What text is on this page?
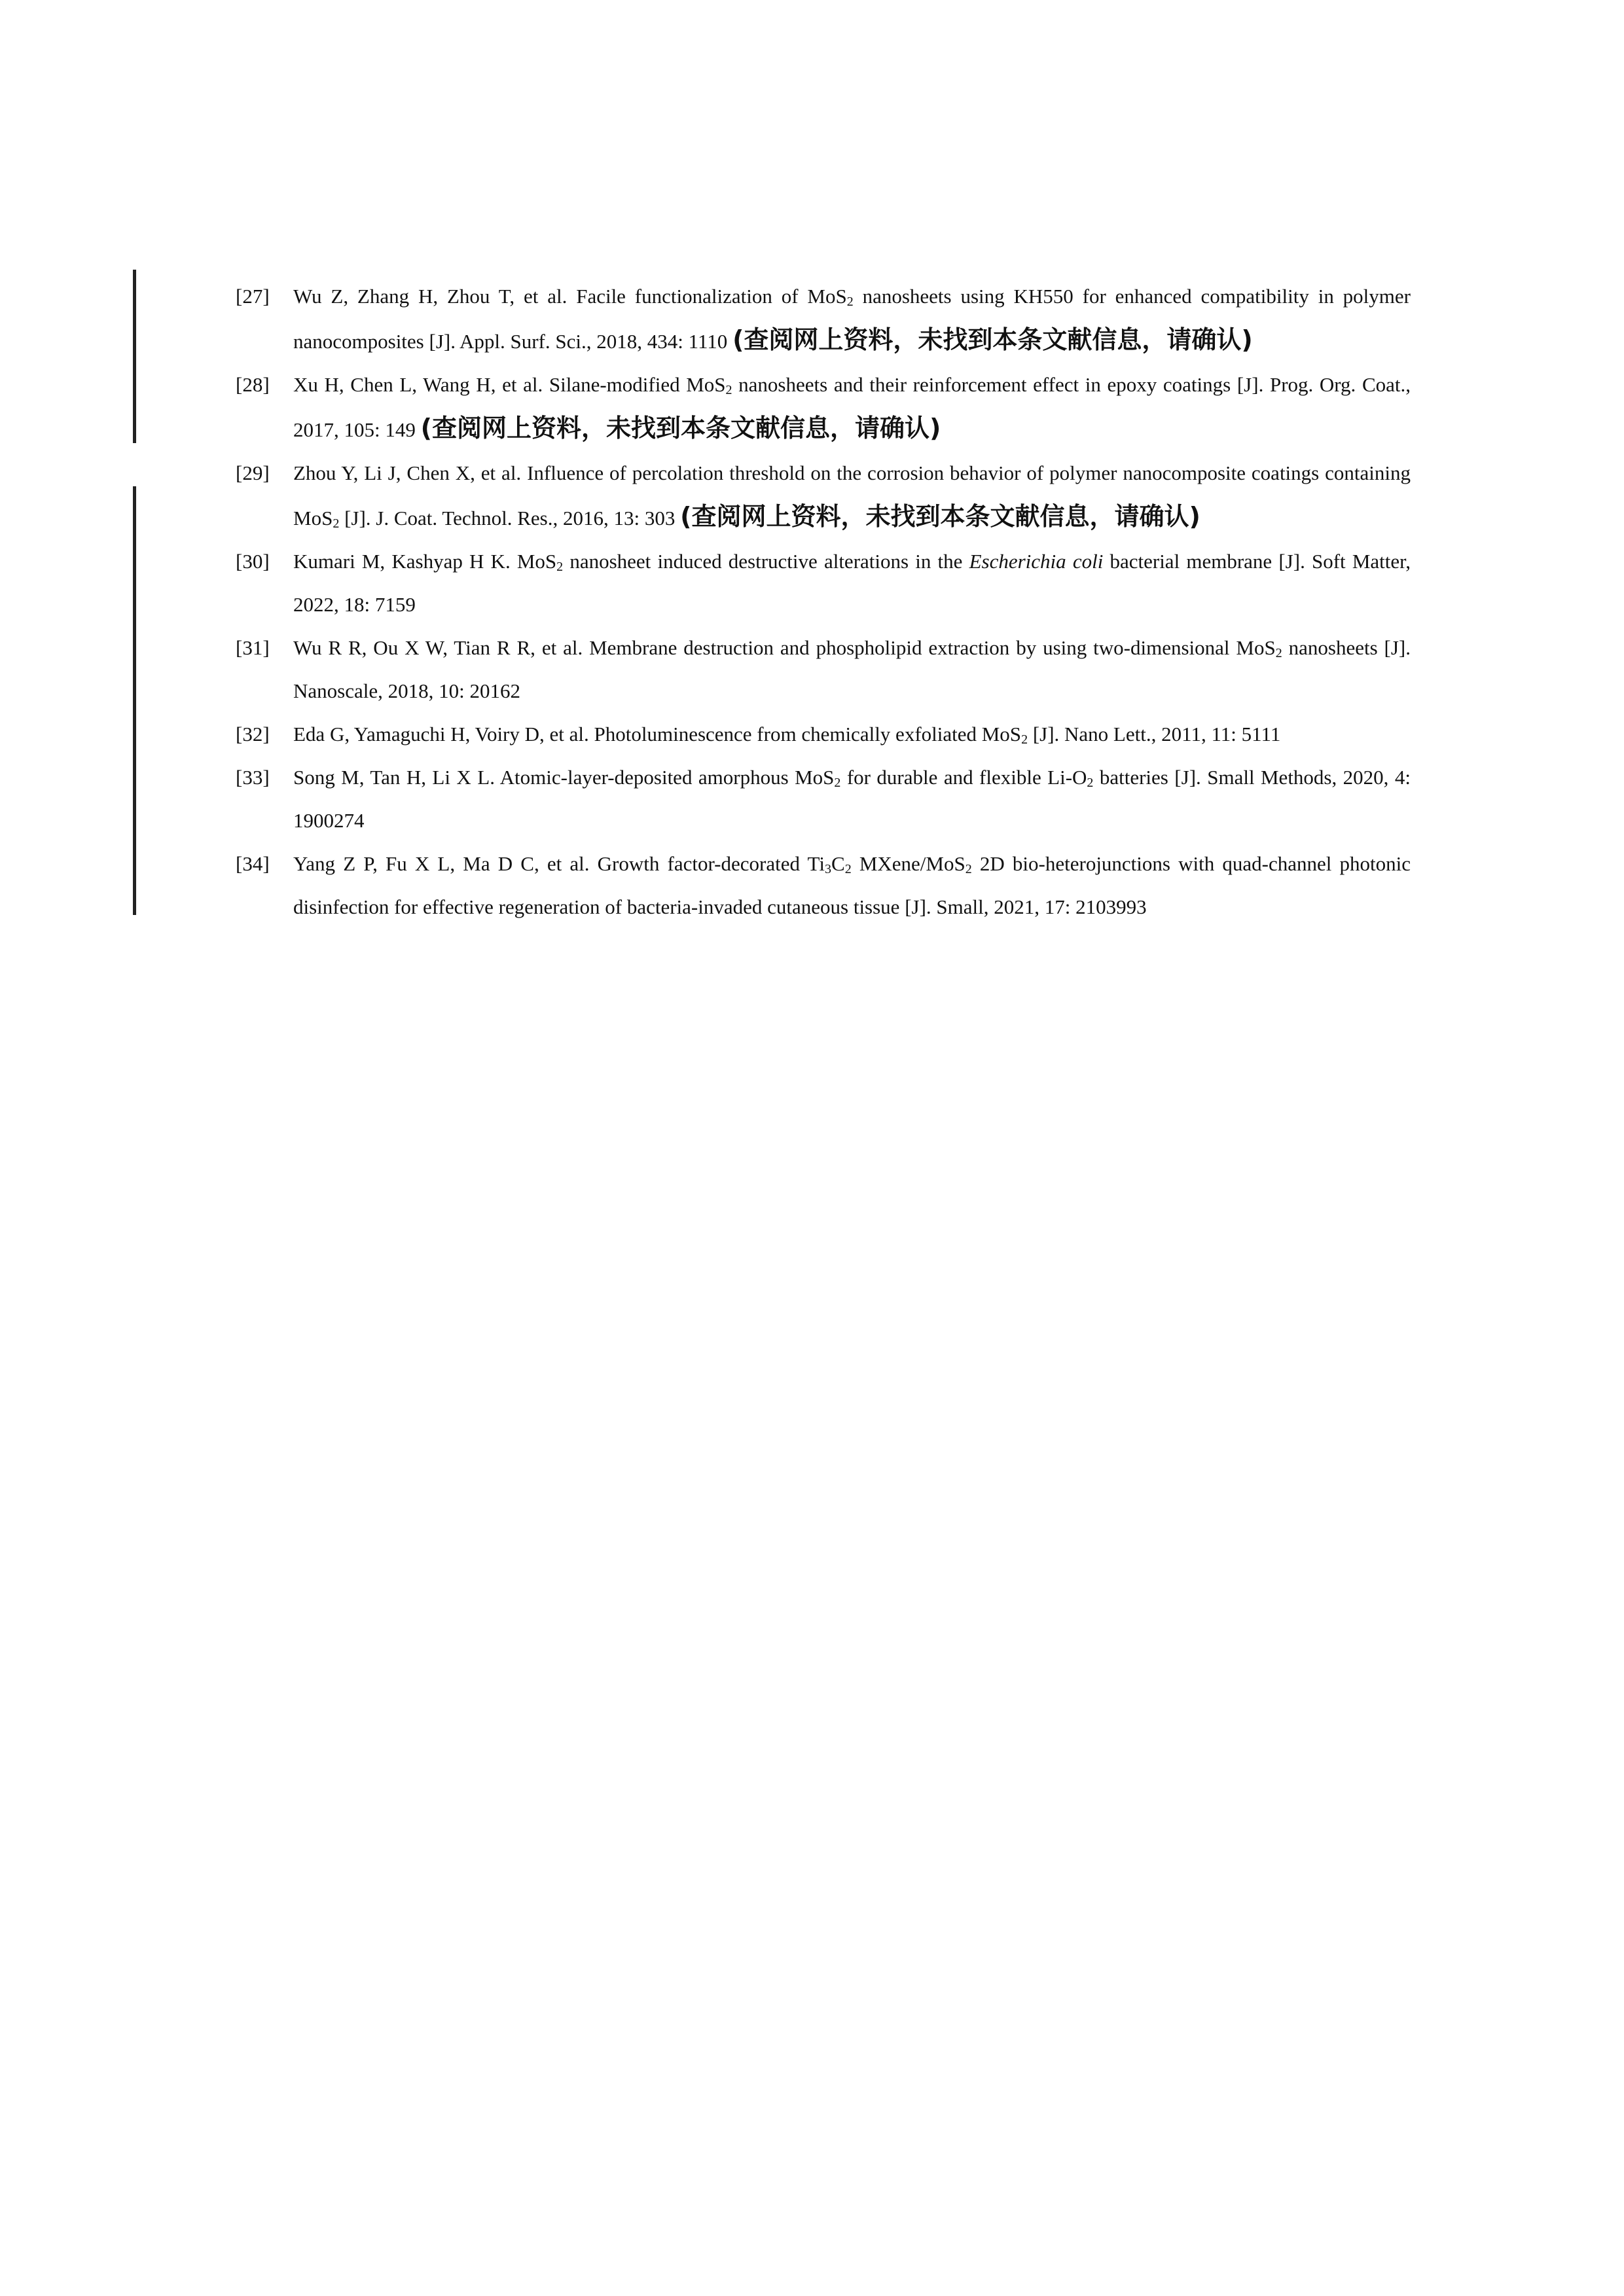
[27] Wu Z, Zhang H, Zhou T, et al. Facile functionalization of MoS$_2$ nanosheets using KH550 for enhanced compatibility in polymer nanocomposites [J]. Appl. Surf. Sci., 2018, 434: 1110 (查阅网上资料，未找到本条文献信息，请确认)
[28] Xu H, Chen L, Wang H, et al. Silane-modified MoS$_2$ nanosheets and their reinforcement effect in epoxy coatings [J]. Prog. Org. Coat., 2017, 105: 149 (查阅网上资料，未找到本条文献信息，请确认)
[29] Zhou Y, Li J, Chen X, et al. Influence of percolation threshold on the corrosion behavior of polymer nanocomposite coatings containing MoS$_2$ [J]. J. Coat. Technol. Res., 2016, 13: 303 (查阅网上资料，未找到本条文献信息，请确认)
[30] Kumari M, Kashyap H K. MoS$_2$ nanosheet induced destructive alterations in the Escherichia coli bacterial membrane [J]. Soft Matter, 2022, 18: 7159
[31] Wu R R, Ou X W, Tian R R, et al. Membrane destruction and phospholipid extraction by using two-dimensional MoS$_2$ nanosheets [J]. Nanoscale, 2018, 10: 20162
[32] Eda G, Yamaguchi H, Voiry D, et al. Photoluminescence from chemically exfoliated MoS$_2$ [J]. Nano Lett., 2011, 11: 5111
[33] Song M, Tan H, Li X L. Atomic-layer-deposited amorphous MoS$_2$ for durable and flexible $Li-O_2$ batteries [J]. Small Methods, 2020, 4: 1900274
[34] Yang Z P, Fu X L, Ma D C, et al. Growth factor-decorated $Ti_3C_2$ MXene/MoS$_2$ 2D bio-heterojunctions with quad-channel photonic disinfection for effective regeneration of bacteria-invaded cutaneous tissue [J]. Small, 2021, 17: 2103993
